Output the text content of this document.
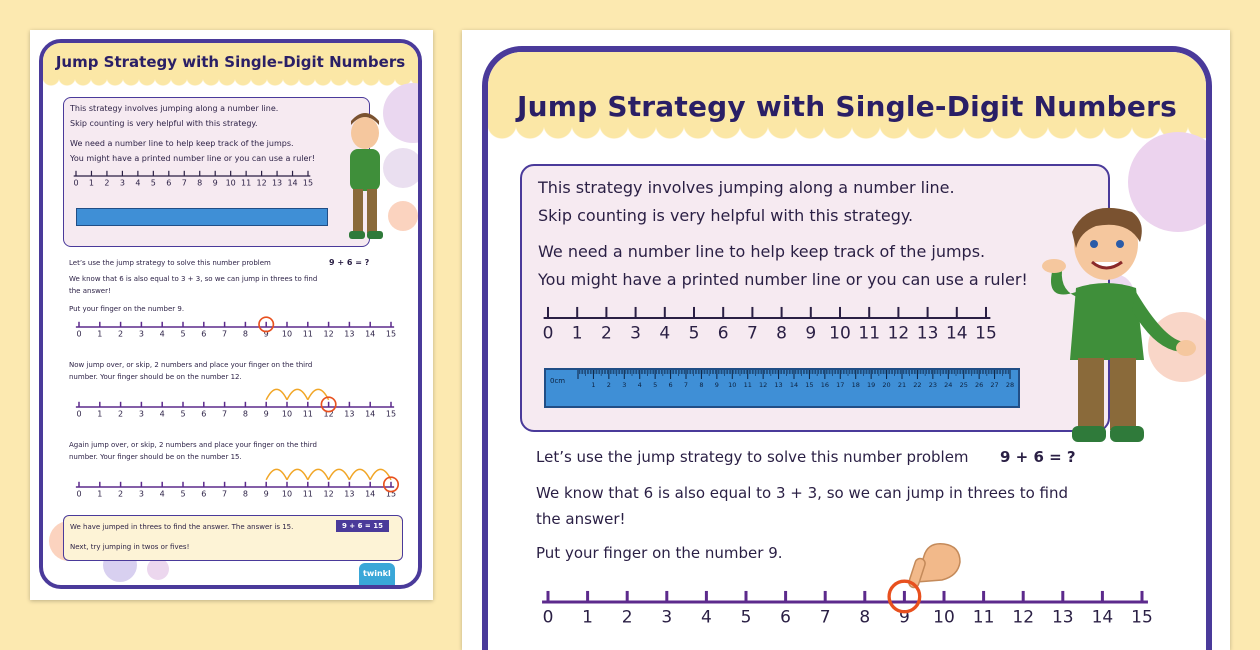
Jump Strategy with Single-Digit Numbers
This strategy involves jumping along a number line.
Skip counting is very helpful with this strategy.
We need a number line to help keep track of the jumps.
You might have a printed number line or you can use a ruler!
0 1 2 3 4 5 6 7 8 9 10 11 12 13 14 15
Let’s use the jump strategy to solve this number problem	9 + 6 = ?
We know that 6 is also equal to 3 + 3, so we can jump in threes to find
the answer!
Put your finger on the number 9.
0 1 2 3 4 5 6 7 8 9 10 11 12 13 14 15
Now jump over, or skip, 2 numbers and place your finger on the third
number. Your finger should be on the number 12.
0 1 2 3 4 5 6 7 8 9 10 11 12 13 14 15
Again jump over, or skip, 2 numbers and place your finger on the third
number. Your finger should be on the number 15.
0 1 2 3 4 5 6 7 8 9 10 11 12 13 14 15
We have jumped in threes to find the answer. The answer is 15.	9 + 6 = 15
Next, try jumping in twos or fives!
twinkl
Jump Strategy with Single-Digit Numbers
This strategy involves jumping along a number line.
Skip counting is very helpful with this strategy.
We need a number line to help keep track of the jumps.
You might have a printed number line or you can use a ruler!
0 1 2 3 4 5 6 7 8 9 10 11 12 13 14 15
0cm	1 2 3 4 5 6 7 8 9 10 11 12 13 14 15 16 17 18 19 20 21 22 23 24 25 26 27 28
Let’s use the jump strategy to solve this number problem 9 + 6 = ?
We know that 6 is also equal to 3 + 3, so we can jump in threes to find
the answer!
Put your finger on the number 9.
0 1 2 3 4 5 6 7 8 9 10 11 12 13 14 15
